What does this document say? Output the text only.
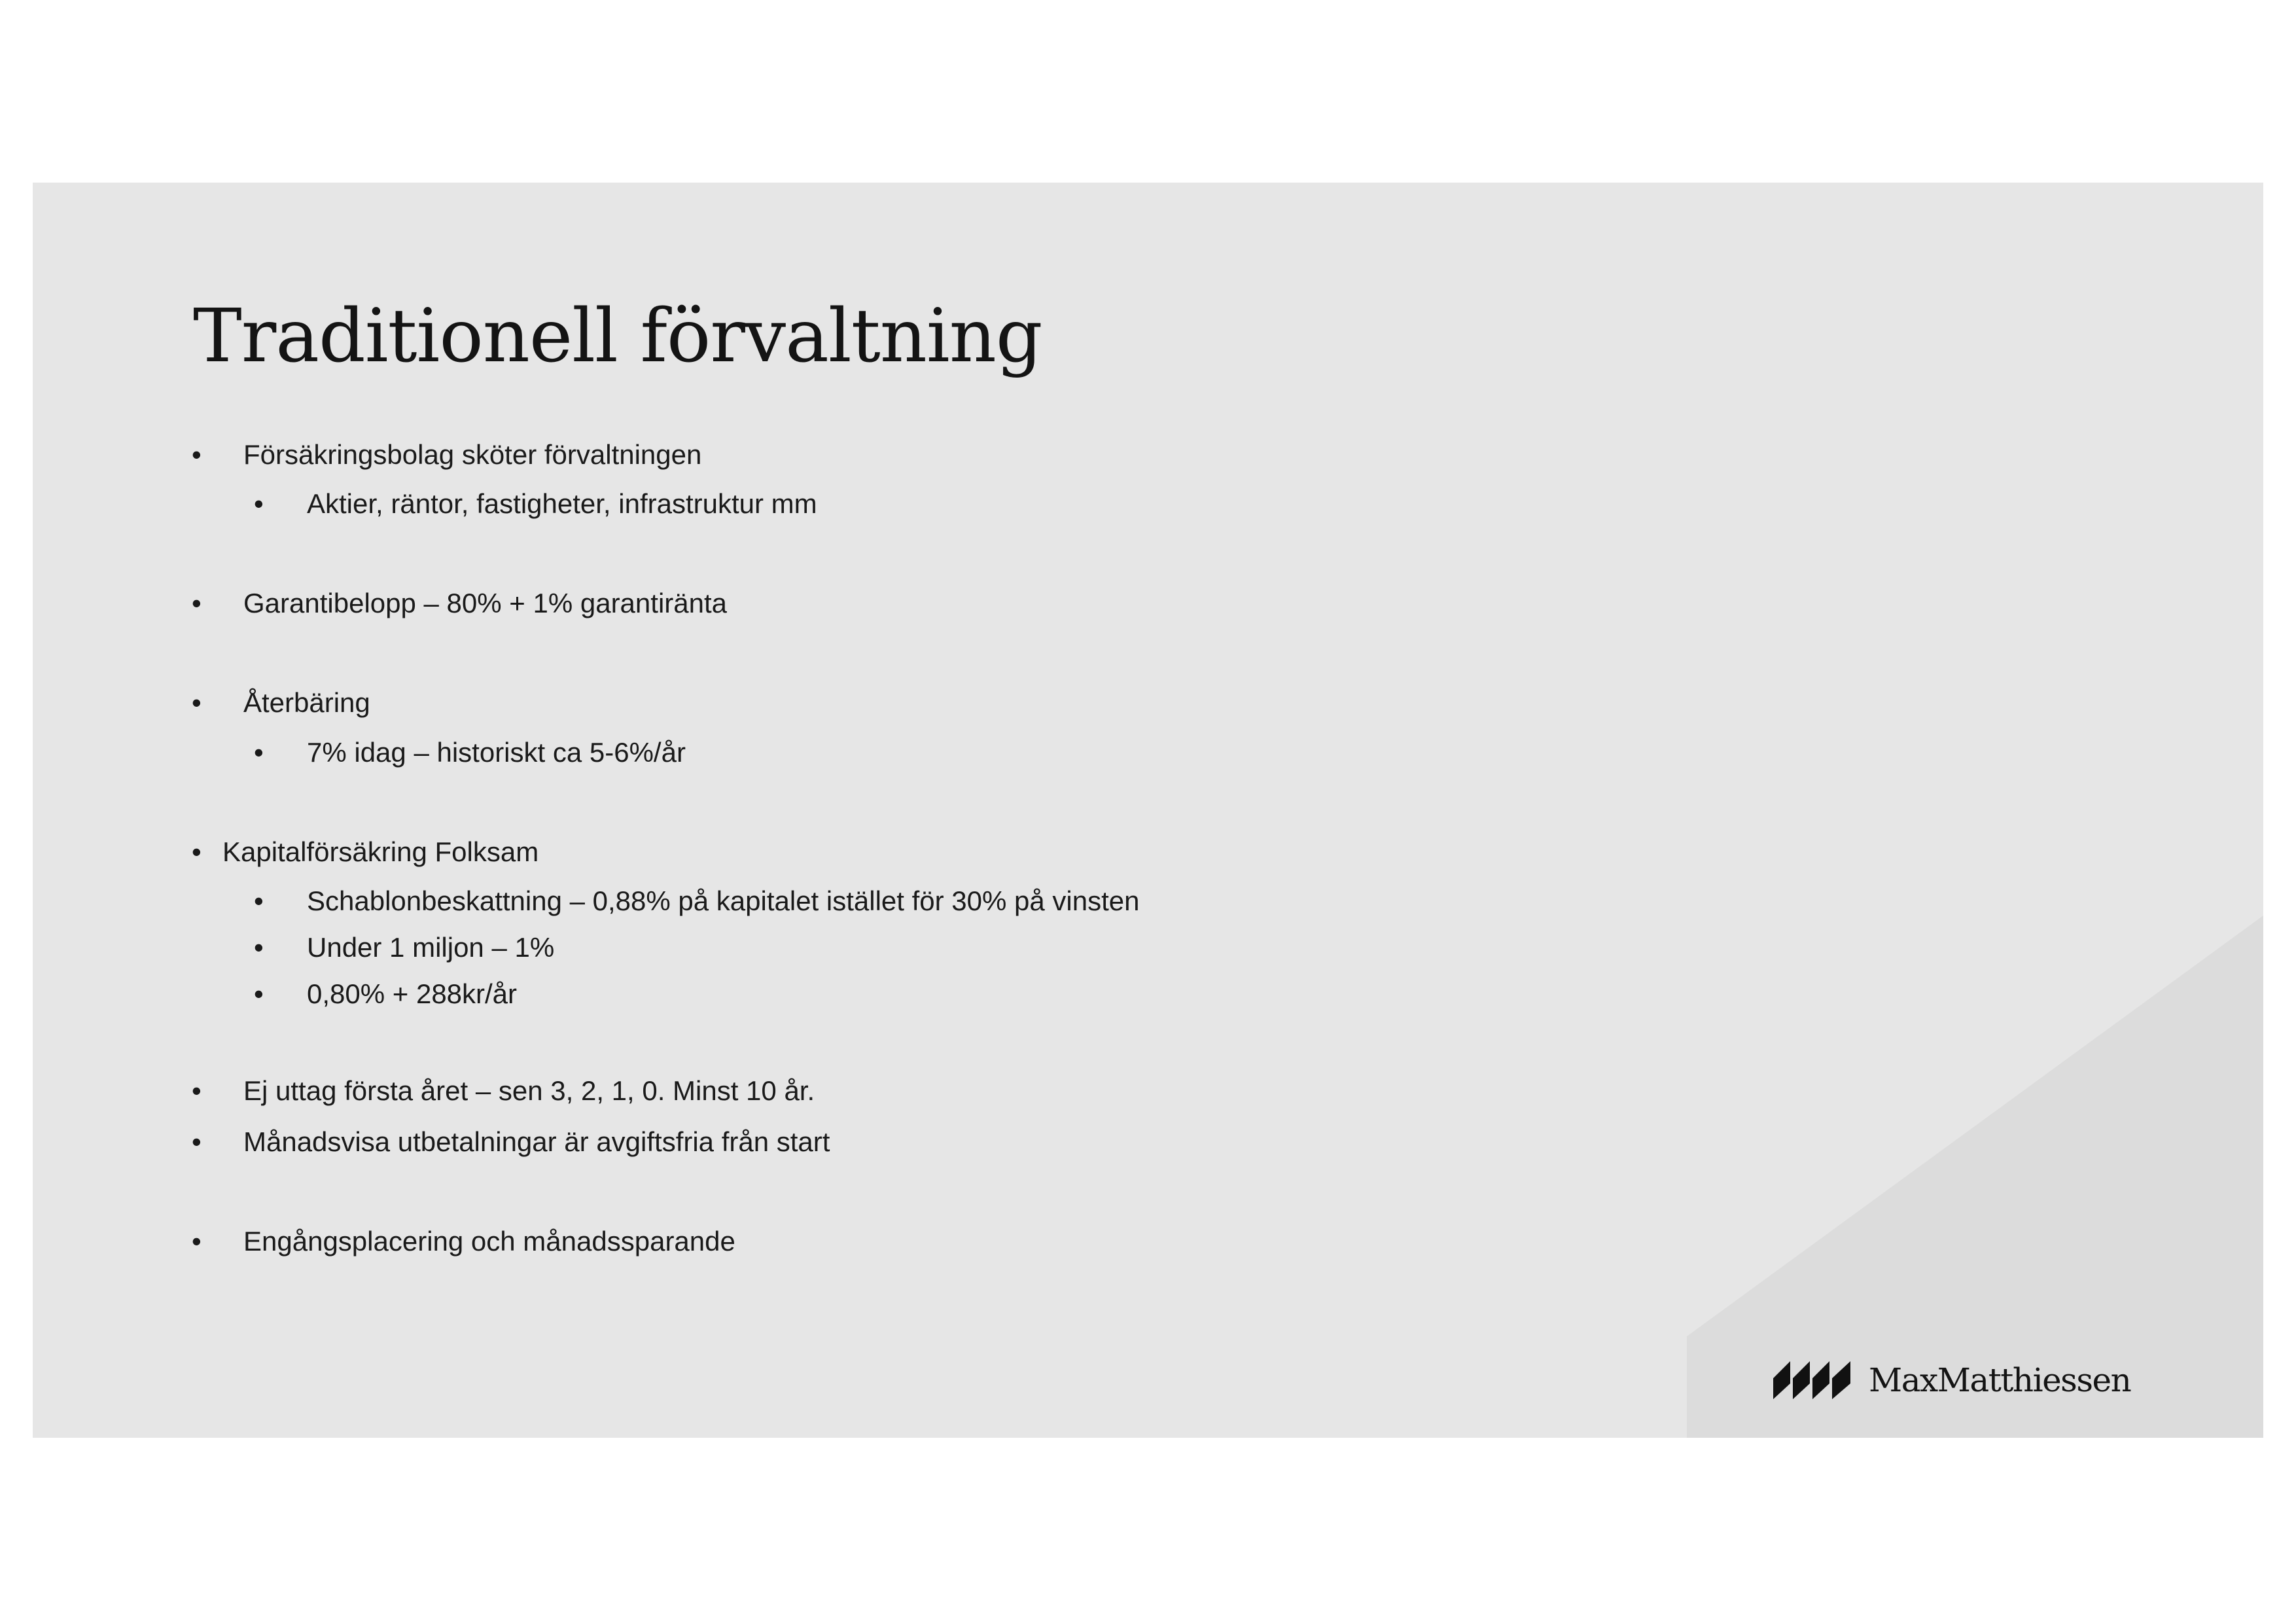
Traditionell förvaltning
• Försäkringsbolag sköter förvaltningen
• Aktier, räntor, fastigheter, infrastruktur mm
• Garantibelopp – 80% + 1% garantiränta
• Återbäring
• 7% idag – historiskt ca 5-6%/år
• Kapitalförsäkring Folksam
• Schablonbeskattning – 0,88% på kapitalet istället för 30% på vinsten
• Under 1 miljon – 1%
• 0,80% + 288kr/år
• Ej uttag första året – sen 3, 2, 1, 0. Minst 10 år.
• Månadsvisa utbetalningar är avgiftsfria från start
• Engångsplacering och månadssparande
MaxMatthiessen
